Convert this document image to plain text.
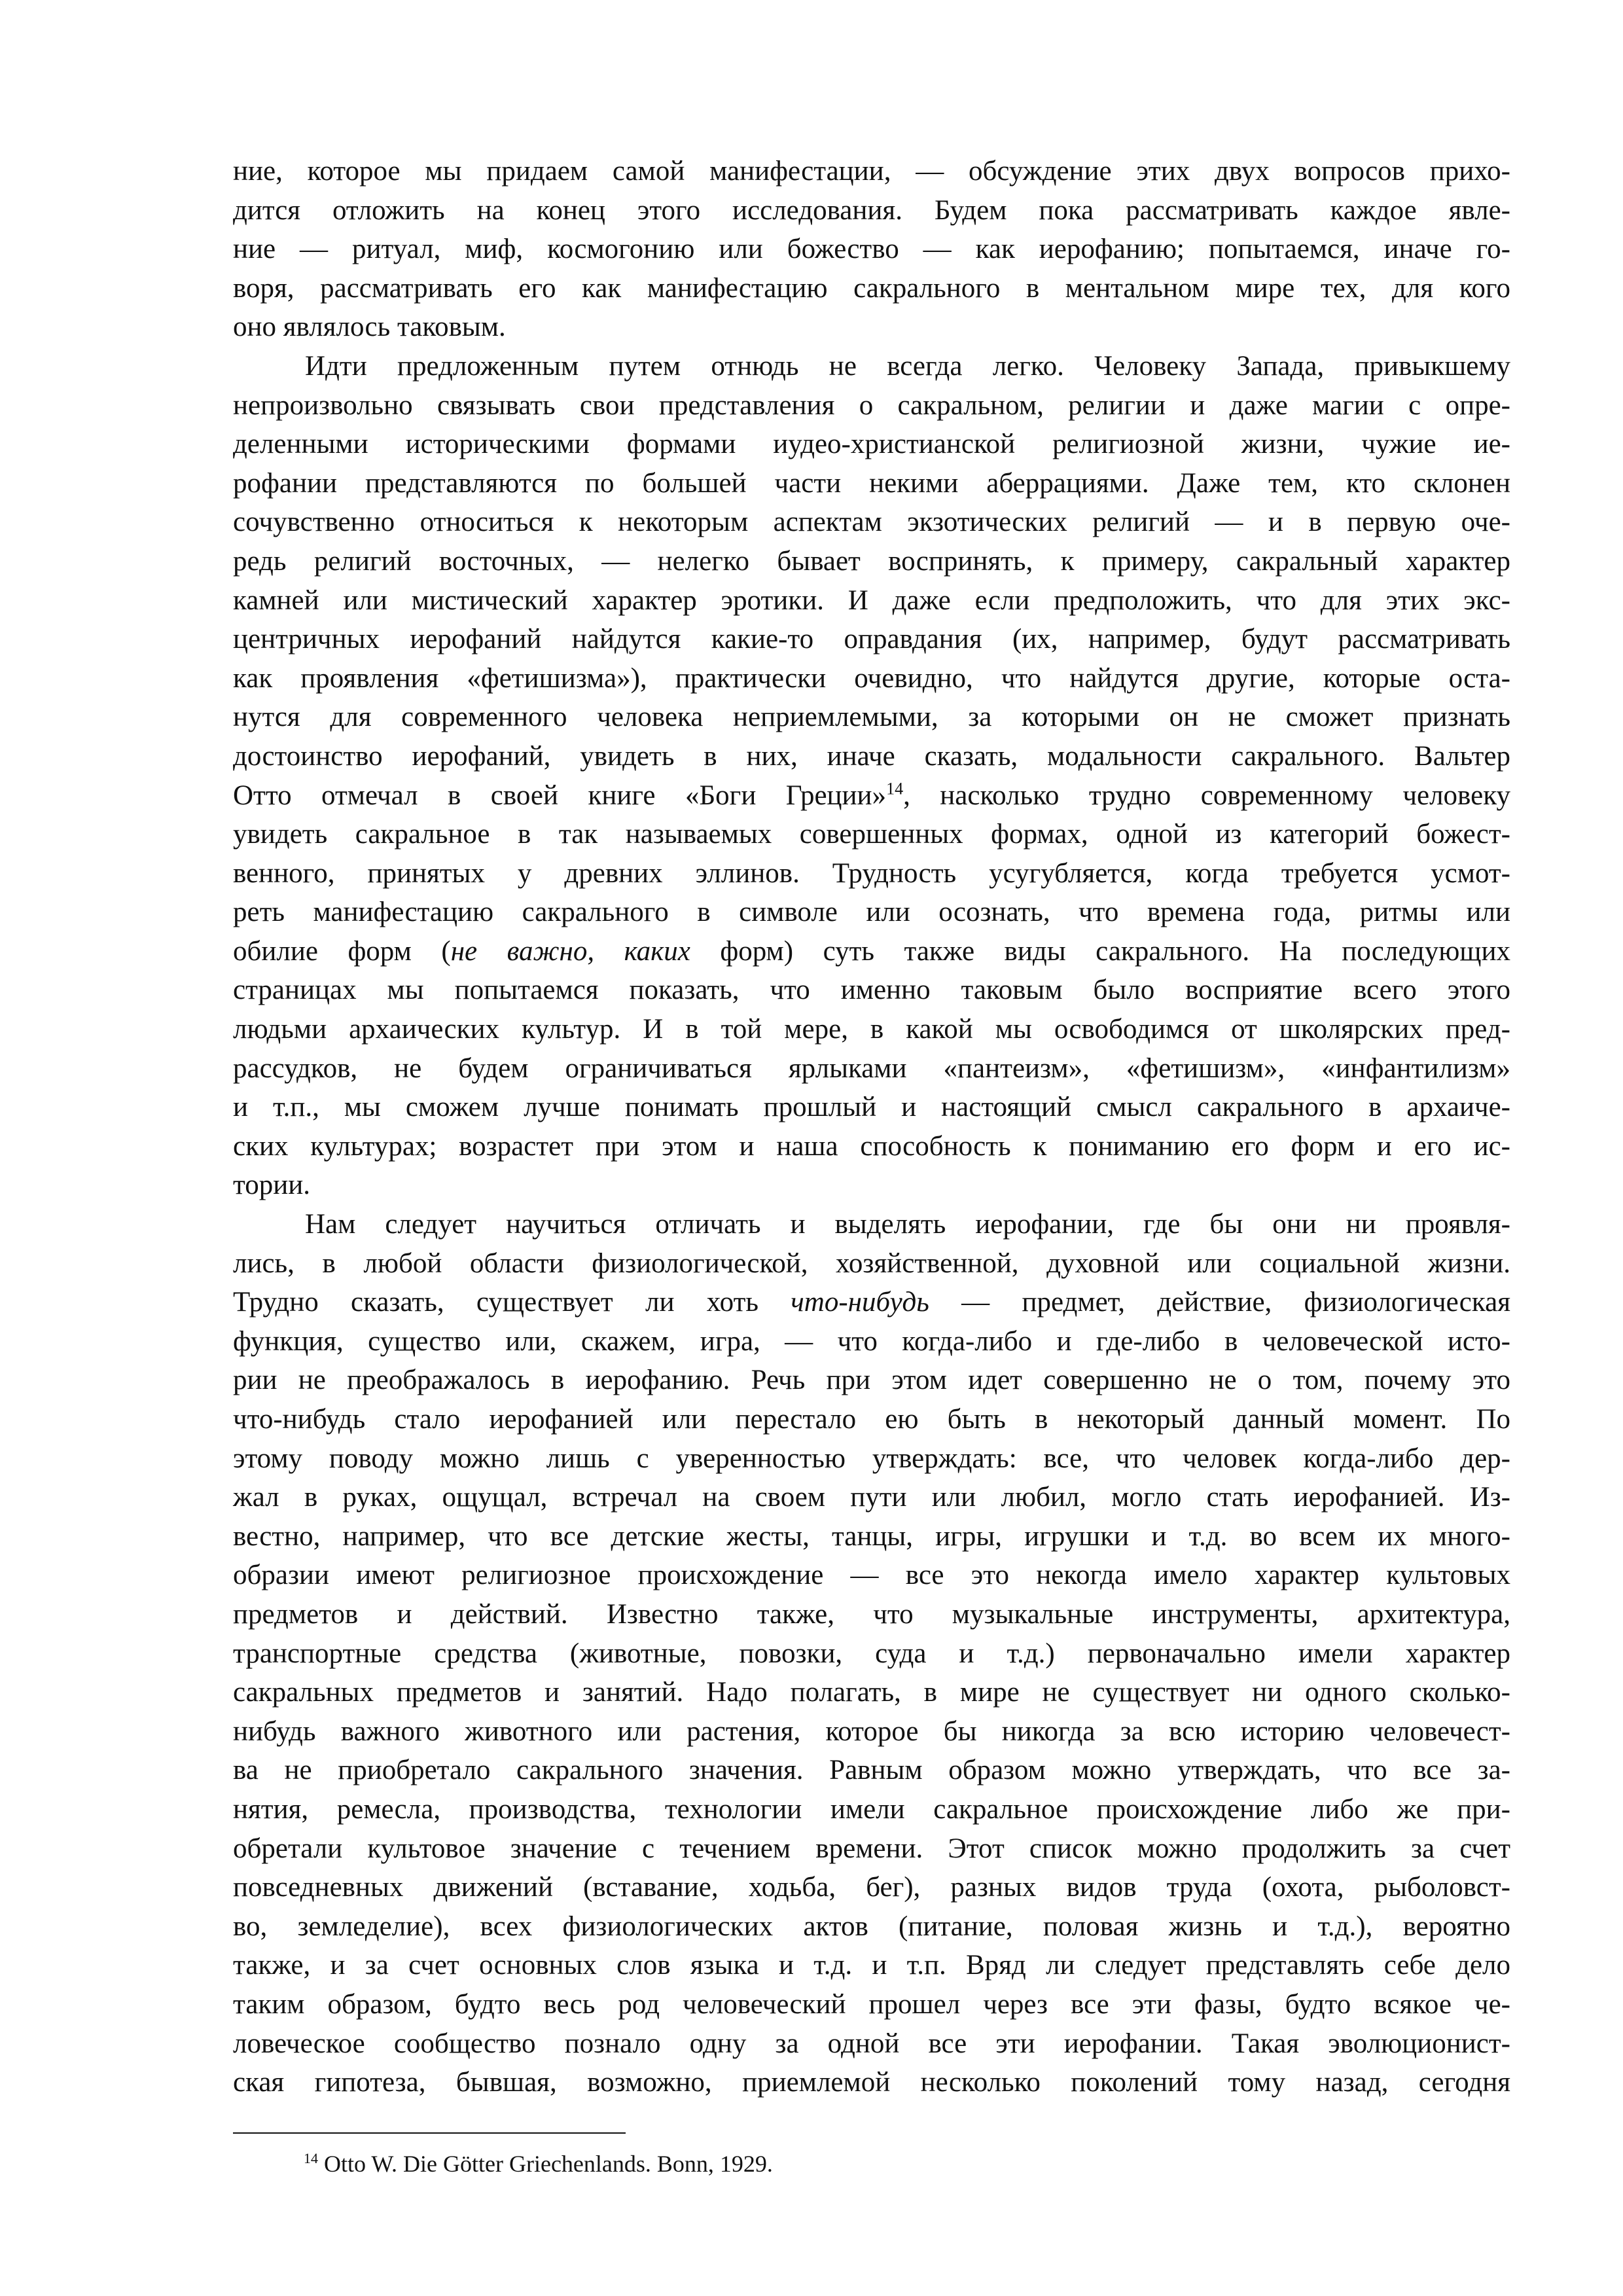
ние, которое мы придаем самой манифестации, — обсуждение этих двух вопросов прихо-
дится отложить на конец этого исследования. Будем пока рассматривать каждое явле-
ние — ритуал, миф, космогонию или божество — как иерофанию; попытаемся, иначе го-
воря, рассматривать его как манифестацию сакрального в ментальном мире тех, для кого
оно являлось таковым.
Идти предложенным путем отнюдь не всегда легко. Человеку Запада, привыкшему
непроизвольно связывать свои представления о сакральном, религии и даже магии с опре-
деленными историческими формами иудео-христианской религиозной жизни, чужие ие-
рофании представляются по большей части некими аберрациями. Даже тем, кто склонен
сочувственно относиться к некоторым аспектам экзотических религий — и в первую оче-
редь религий восточных, — нелегко бывает воспринять, к примеру, сакральный характер
камней или мистический характер эротики. И даже если предположить, что для этих экс-
центричных иерофаний найдутся какие-то оправдания (их, например, будут рассматривать
как проявления «фетишизма»), практически очевидно, что найдутся другие, которые оста-
нутся для современного человека неприемлемыми, за которыми он не сможет признать
достоинство иерофаний, увидеть в них, иначе сказать, модальности сакрального. Вальтер
Отто отмечал в своей книге «Боги Греции»$^{14}$, насколько трудно современному человеку
увидеть сакральное в так называемых совершенных формах, одной из категорий божест-
венного, принятых у древних эллинов. Трудность усугубляется, когда требуется усмот-
реть манифестацию сакрального в символе или осознать, что времена года, ритмы или
обилие форм (не важно, каких форм) суть также виды сакрального. На последующих
страницах мы попытаемся показать, что именно таковым было восприятие всего этого
людьми архаических культур. И в той мере, в какой мы освободимся от школярских пред-
рассудков, не будем ограничиваться ярлыками «пантеизм», «фетишизм», «инфантилизм»
и т.п., мы сможем лучше понимать прошлый и настоящий смысл сакрального в архаиче-
ских культурах; возрастет при этом и наша способность к пониманию его форм и его ис-
тории.
Нам следует научиться отличать и выделять иерофании, где бы они ни проявля-
лись, в любой области физиологической, хозяйственной, духовной или социальной жизни.
Трудно сказать, существует ли хоть что-нибудь — предмет, действие, физиологическая
функция, существо или, скажем, игра, — что когда-либо и где-либо в человеческой исто-
рии не преображалось в иерофанию. Речь при этом идет совершенно не о том, почему это
что-нибудь стало иерофанией или перестало ею быть в некоторый данный момент. По
этому поводу можно лишь с уверенностью утверждать: все, что человек когда-либо дер-
жал в руках, ощущал, встречал на своем пути или любил, могло стать иерофанией. Из-
вестно, например, что все детские жесты, танцы, игры, игрушки и т.д. во всем их много-
образии имеют религиозное происхождение — все это некогда имело характер культовых
предметов и действий. Известно также, что музыкальные инструменты, архитектура,
транспортные средства (животные, повозки, суда и т.д.) первоначально имели характер
сакральных предметов и занятий. Надо полагать, в мире не существует ни одного сколько-
нибудь важного животного или растения, которое бы никогда за всю историю человечест-
ва не приобретало сакрального значения. Равным образом можно утверждать, что все за-
нятия, ремесла, производства, технологии имели сакральное происхождение либо же при-
обретали культовое значение с течением времени. Этот список можно продолжить за счет
повседневных движений (вставание, ходьба, бег), разных видов труда (охота, рыболовст-
во, земледелие), всех физиологических актов (питание, половая жизнь и т.д.), вероятно
также, и за счет основных слов языка и т.д. и т.п. Вряд ли следует представлять себе дело
таким образом, будто весь род человеческий прошел через все эти фазы, будто всякое че-
ловеческое сообщество познало одну за одной все эти иерофании. Такая эволюционист-
ская гипотеза, бывшая, возможно, приемлемой несколько поколений тому назад, сегодня
$^{14}$ Otto W. Die Götter Griechenlands. Bonn, 1929.
